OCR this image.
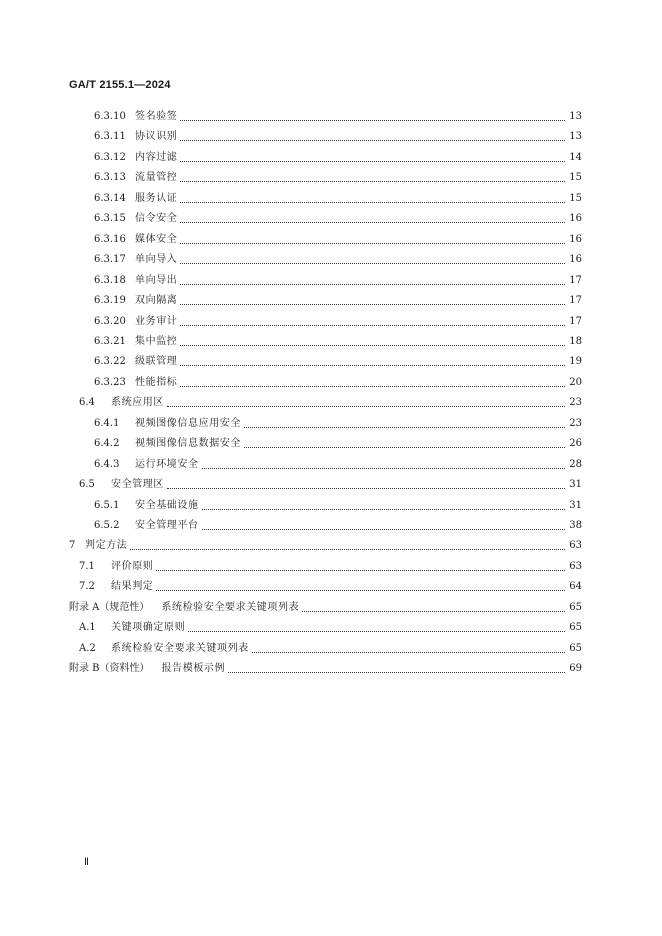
GA/T 2155.1—2024
6.3.10 签名验签	13
6.3.11 协议识别	13
6.3.12 内容过滤	14
6.3.13 流量管控	15
6.3.14 服务认证	15
6.3.15 信令安全	16
6.3.16 媒体安全	16
6.3.17 单向导入	16
6.3.18 单向导出	17
6.3.19 双向隔离	17
6.3.20 业务审计	17
6.3.21 集中监控	18
6.3.22 级联管理	19
6.3.23 性能指标	20
6.4	系统应用区	23
6.4.1	视频图像信息应用安全	23
6.4.2	视频图像信息数据安全	26
6.4.3	运行环境安全	28
6.5	安全管理区	31
6.5.1	安全基础设施	31
6.5.2	安全管理平台	38
7 判定方法	63
7.1	评价原则	63
7.2	结果判定	64
附录 A（规范性） 系统检验安全要求关键项列表	65
A.1	关键项确定原则	65
A.2	系统检验安全要求关键项列表	65
附录 B（资料性） 报告模板示例	69
Ⅱ
